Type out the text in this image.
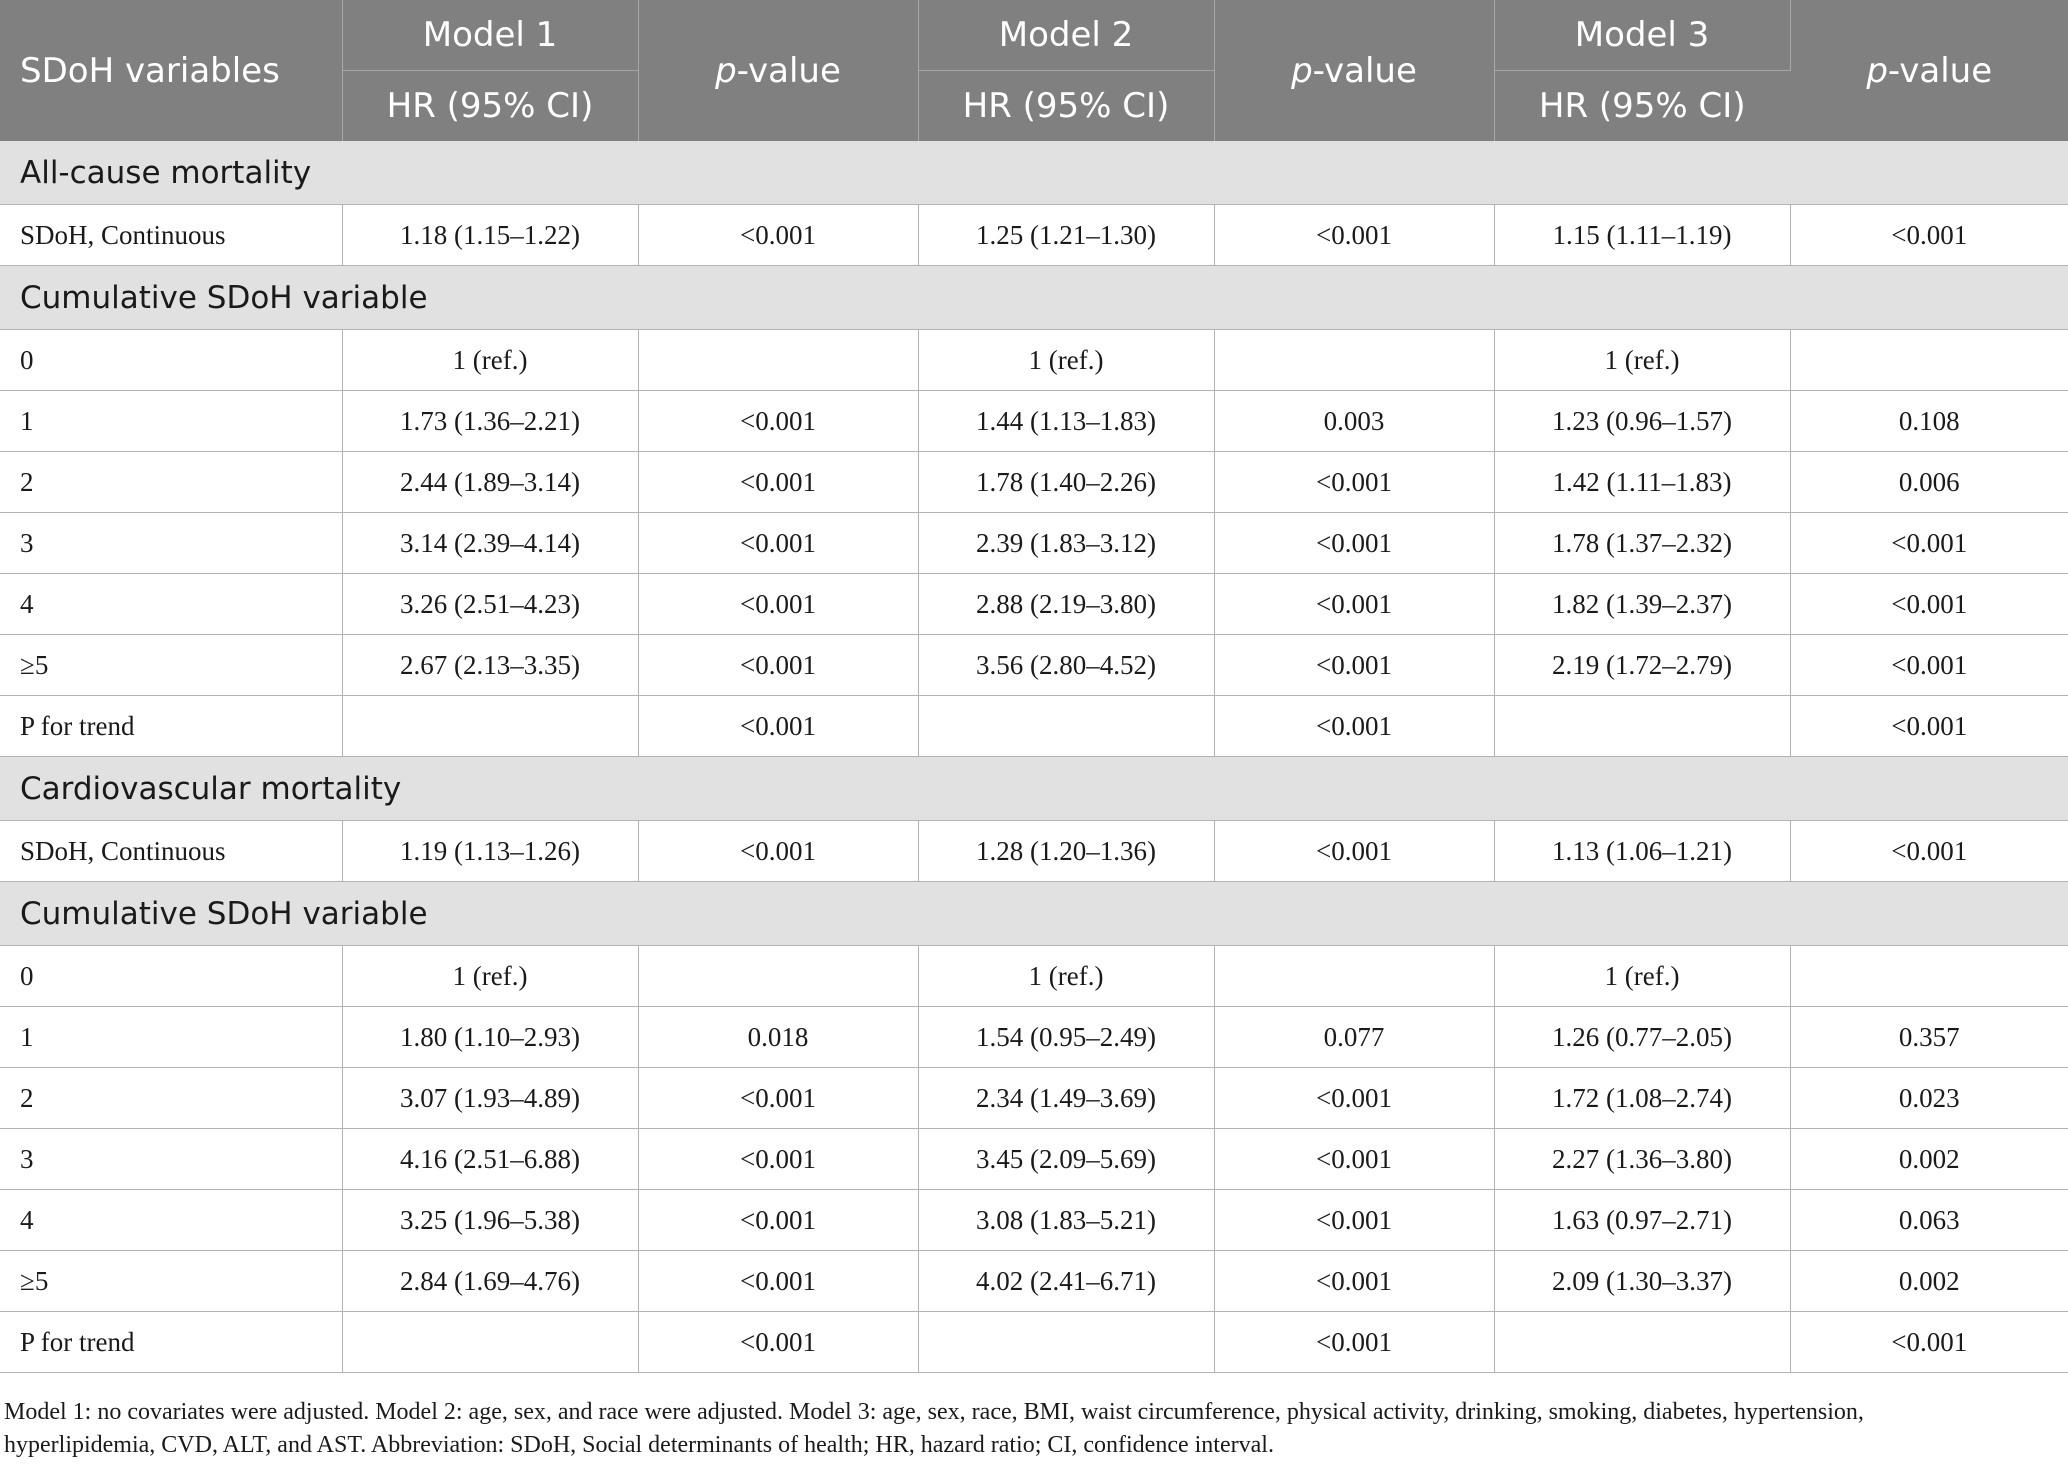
SDoH variables	Model 1	p-value	Model 2	p-value	Model 3	p-value
	HR (95% CI)		HR (95% CI)		HR (95% CI)	
All-cause mortality						
SDoH, Continuous	1.18 (1.15–1.22)	<0.001	1.25 (1.21–1.30)	<0.001	1.15 (1.11–1.19)	<0.001
Cumulative SDoH variable						
0	1 (ref.)		1 (ref.)		1 (ref.)	
1	1.73 (1.36–2.21)	<0.001	1.44 (1.13–1.83)	0.003	1.23 (0.96–1.57)	0.108
2	2.44 (1.89–3.14)	<0.001	1.78 (1.40–2.26)	<0.001	1.42 (1.11–1.83)	0.006
3	3.14 (2.39–4.14)	<0.001	2.39 (1.83–3.12)	<0.001	1.78 (1.37–2.32)	<0.001
4	3.26 (2.51–4.23)	<0.001	2.88 (2.19–3.80)	<0.001	1.82 (1.39–2.37)	<0.001
≥5	2.67 (2.13–3.35)	<0.001	3.56 (2.80–4.52)	<0.001	2.19 (1.72–2.79)	<0.001
P for trend		<0.001		<0.001		<0.001
Cardiovascular mortality						
SDoH, Continuous	1.19 (1.13–1.26)	<0.001	1.28 (1.20–1.36)	<0.001	1.13 (1.06–1.21)	<0.001
Cumulative SDoH variable						
0	1 (ref.)		1 (ref.)		1 (ref.)	
1	1.80 (1.10–2.93)	0.018	1.54 (0.95–2.49)	0.077	1.26 (0.77–2.05)	0.357
2	3.07 (1.93–4.89)	<0.001	2.34 (1.49–3.69)	<0.001	1.72 (1.08–2.74)	0.023
3	4.16 (2.51–6.88)	<0.001	3.45 (2.09–5.69)	<0.001	2.27 (1.36–3.80)	0.002
4	3.25 (1.96–5.38)	<0.001	3.08 (1.83–5.21)	<0.001	1.63 (0.97–2.71)	0.063
≥5	2.84 (1.69–4.76)	<0.001	4.02 (2.41–6.71)	<0.001	2.09 (1.30–3.37)	0.002
P for trend		<0.001		<0.001		<0.001
Model 1: no covariates were adjusted. Model 2: age, sex, and race were adjusted. Model 3: age, sex, race, BMI, waist circumference, physical activity, drinking, smoking, diabetes, hypertension,
hyperlipidemia, CVD, ALT, and AST. Abbreviation: SDoH, Social determinants of health; HR, hazard ratio; CI, confidence interval.
